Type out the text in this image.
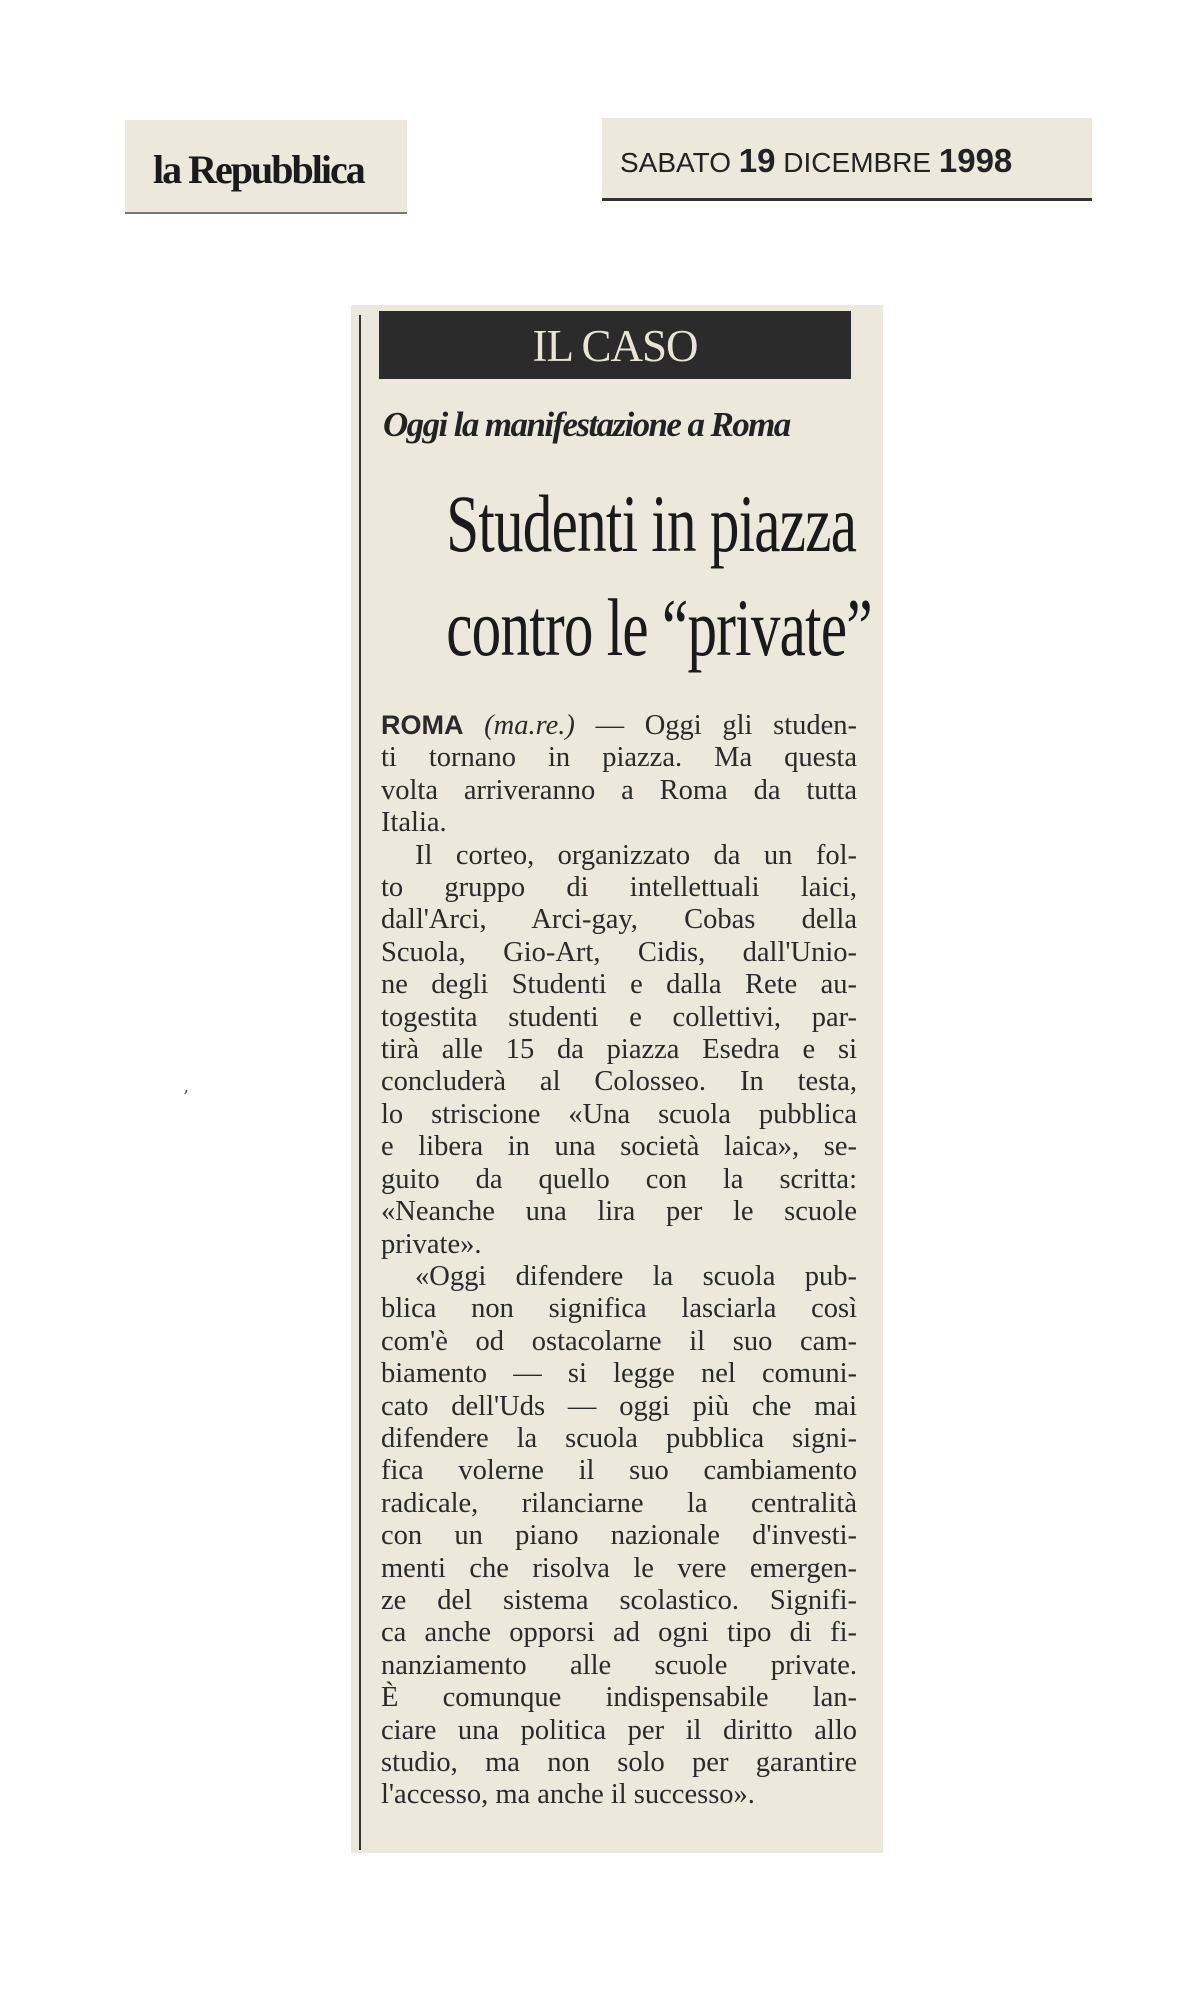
la Repubblica	SABATO 19 DICEMBRE 1998
IL CASO
Oggi la manifestazione a Roma
Studenti in piazza
contro le “private”
ROMA (ma.re.) — Oggi gli studen-
ti tornano in piazza. Ma questa
volta arriveranno a Roma da tutta
Italia.
Il corteo, organizzato da un fol-
to gruppo di intellettuali laici,
dall'Arci, Arci-gay, Cobas della
Scuola, Gio-Art, Cidis, dall'Unio-
ne degli Studenti e dalla Rete au-
togestita studenti e collettivi, par-
tirà alle 15 da piazza Esedra e si
concluderà al Colosseo. In testa,
lo striscione «Una scuola pubblica
e libera in una società laica», se-
guito da quello con la scritta:
«Neanche una lira per le scuole
private».
«Oggi difendere la scuola pub-
blica non significa lasciarla così
com'è od ostacolarne il suo cam-
biamento — si legge nel comuni-
cato dell'Uds — oggi più che mai
difendere la scuola pubblica signi-
fica volerne il suo cambiamento
radicale, rilanciarne la centralità
con un piano nazionale d'investi-
menti che risolva le vere emergen-
ze del sistema scolastico. Signifi-
ca anche opporsi ad ogni tipo di fi-
nanziamento alle scuole private.
È comunque indispensabile lan-
ciare una politica per il diritto allo
studio, ma non solo per garantire
l'accesso, ma anche il successo».
’
